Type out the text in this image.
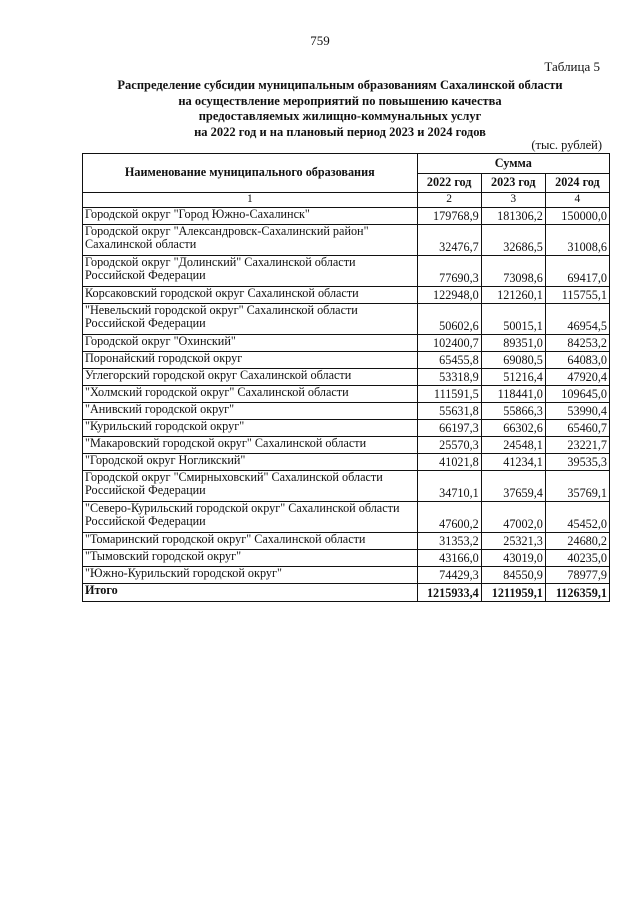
759
Таблица 5
Распределение субсидии муниципальным образованиям Сахалинской области
на осуществление мероприятий по повышению качества
предоставляемых жилищно-коммунальных услуг
на 2022 год и на плановый период 2023 и 2024 годов
(тыс. рублей)
Наименование муниципального образования	Сумма		
	2022 год	2023 год	2024 год
1	2	3	4
Городской округ "Город Южно-Сахалинск"	179768,9	181306,2	150000,0
Городской округ "Александровск-Сахалинский район" Сахалинской области	32476,7	32686,5	31008,6
Городской округ "Долинский" Сахалинской области Российской Федерации	77690,3	73098,6	69417,0
Корсаковский городской округ Сахалинской области	122948,0	121260,1	115755,1
"Невельский городской округ" Сахалинской области Российской Федерации	50602,6	50015,1	46954,5
Городской округ "Охинский"	102400,7	89351,0	84253,2
Поронайский городской округ	65455,8	69080,5	64083,0
Углегорский городской округ Сахалинской области	53318,9	51216,4	47920,4
"Холмский городской округ" Сахалинской области	111591,5	118441,0	109645,0
"Анивский городской округ"	55631,8	55866,3	53990,4
"Курильский городской округ"	66197,3	66302,6	65460,7
"Макаровский городской округ" Сахалинской области	25570,3	24548,1	23221,7
"Городской округ Ногликский"	41021,8	41234,1	39535,3
Городской округ "Смирныховский" Сахалинской области Российской Федерации	34710,1	37659,4	35769,1
"Северо-Курильский городской округ" Сахалинской области Российской Федерации	47600,2	47002,0	45452,0
"Томаринский городской округ" Сахалинской области	31353,2	25321,3	24680,2
"Тымовский городской округ"	43166,0	43019,0	40235,0
"Южно-Курильский городской округ"	74429,3	84550,9	78977,9
Итого	1215933,4	1211959,1	1126359,1
